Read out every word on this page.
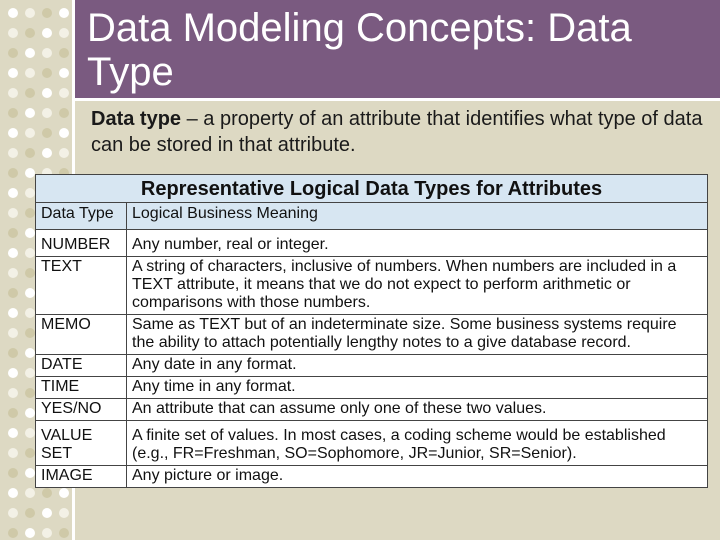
Data Modeling Concepts: Data Type
Data type – a property of an attribute that identifies what type of data can be stored in that attribute.
Representative Logical Data Types for Attributes	
Data Type	Logical Business Meaning
NUMBER	Any number, real or integer.
TEXT	A string of characters, inclusive of numbers. When numbers are included in a TEXT attribute, it means that we do not expect to perform arithmetic or comparisons with those numbers.
MEMO	Same as TEXT but of an indeterminate size. Some business systems require the ability to attach potentially lengthy notes to a give database record.
DATE	Any date in any format.
TIME	Any time in any format.
YES/NO	An attribute that can assume only one of these two values.
VALUE SET	A finite set of values. In most cases, a coding scheme would be established (e.g., FR=Freshman, SO=Sophomore, JR=Junior, SR=Senior).
IMAGE	Any picture or image.
